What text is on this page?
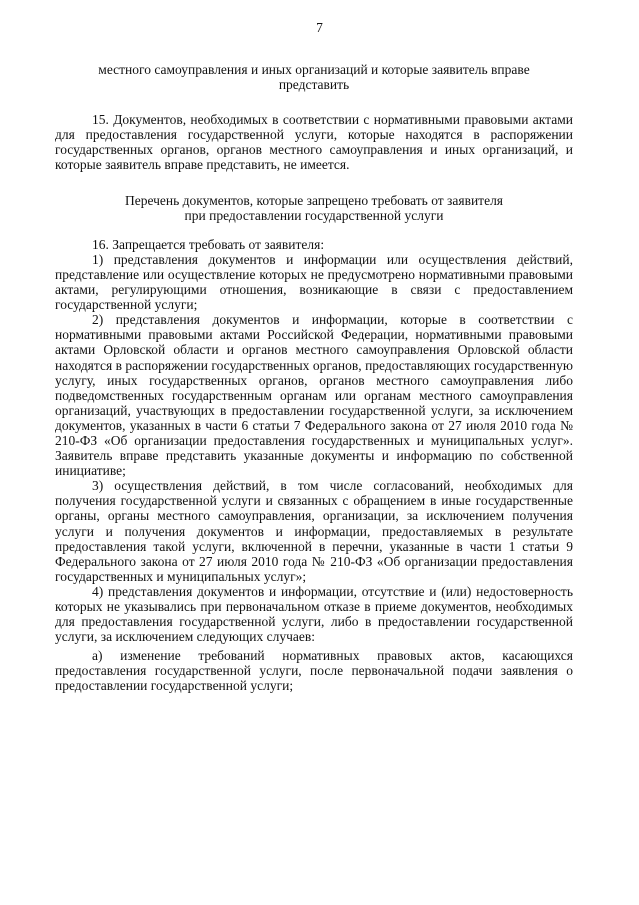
7
местного самоуправления и иных организаций и которые заявитель вправе
представить

15. Документов, необходимых в соответствии с нормативными правовыми актами для предоставления государственной услуги, которые находятся в распоряжении государственных органов, органов местного самоуправления и иных организаций, и которые заявитель вправе представить, не имеется.

Перечень документов, которые запрещено требовать от заявителя
при предоставлении государственной услуги

16. Запрещается требовать от заявителя:

1) представления документов и информации или осуществления действий, представление или осуществление которых не предусмотрено нормативными правовыми актами, регулирующими отношения, возникающие в связи с предоставлением государственной услуги;

2) представления документов и информации, которые в соответствии с нормативными правовыми актами Российской Федерации, нормативными правовыми актами Орловской области и органов местного самоуправления Орловской области находятся в распоряжении государственных органов, предоставляющих государственную услугу, иных государственных органов, органов местного самоуправления либо подведомственных государственным органам или органам местного самоуправления организаций, участвующих в предоставлении государственной услуги, за исключением документов, указанных в части 6 статьи 7 Федерального закона от 27 июля 2010 года № 210-ФЗ «Об организации предоставления государственных и муниципальных услуг». Заявитель вправе представить указанные документы и информацию по собственной инициативе;

3) осуществления действий, в том числе согласований, необходимых для получения государственной услуги и связанных с обращением в иные государственные органы, органы местного самоуправления, организации, за исключением получения услуги и получения документов и информации, предоставляемых в результате предоставления такой услуги, включенной в перечни, указанные в части 1 статьи 9 Федерального закона от 27 июля 2010 года № 210-ФЗ «Об организации предоставления государственных и муниципальных услуг»;

4) представления документов и информации, отсутствие и (или) недостоверность которых не указывались при первоначальном отказе в приеме документов, необходимых для предоставления государственной услуги, либо в предоставлении государственной услуги, за исключением следующих случаев:

а) изменение требований нормативных правовых актов, касающихся предоставления государственной услуги, после первоначальной подачи заявления о предоставлении государственной услуги;
